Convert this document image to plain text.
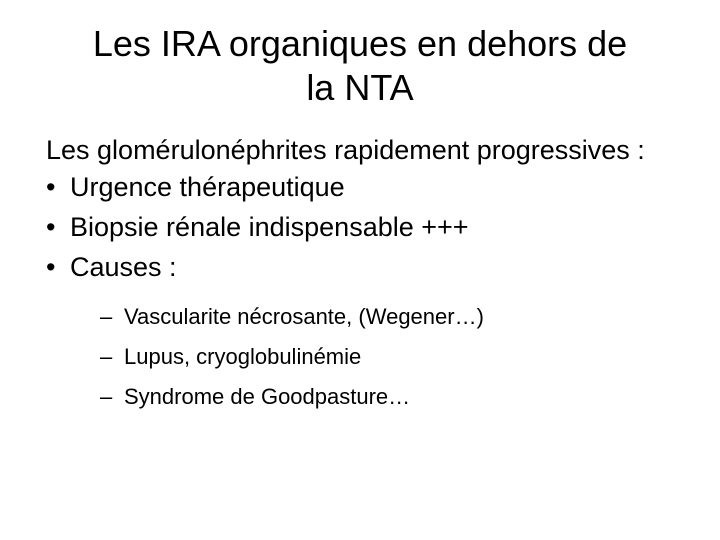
Les IRA organiques en dehors de
la NTA

Les glomérulonéphrites rapidement progressives :

• Urgence thérapeutique
• Biopsie rénale indispensable +++
• Causes :
– Vascularite nécrosante, (Wegener…)
– Lupus, cryoglobulinémie
– Syndrome de Goodpasture…
